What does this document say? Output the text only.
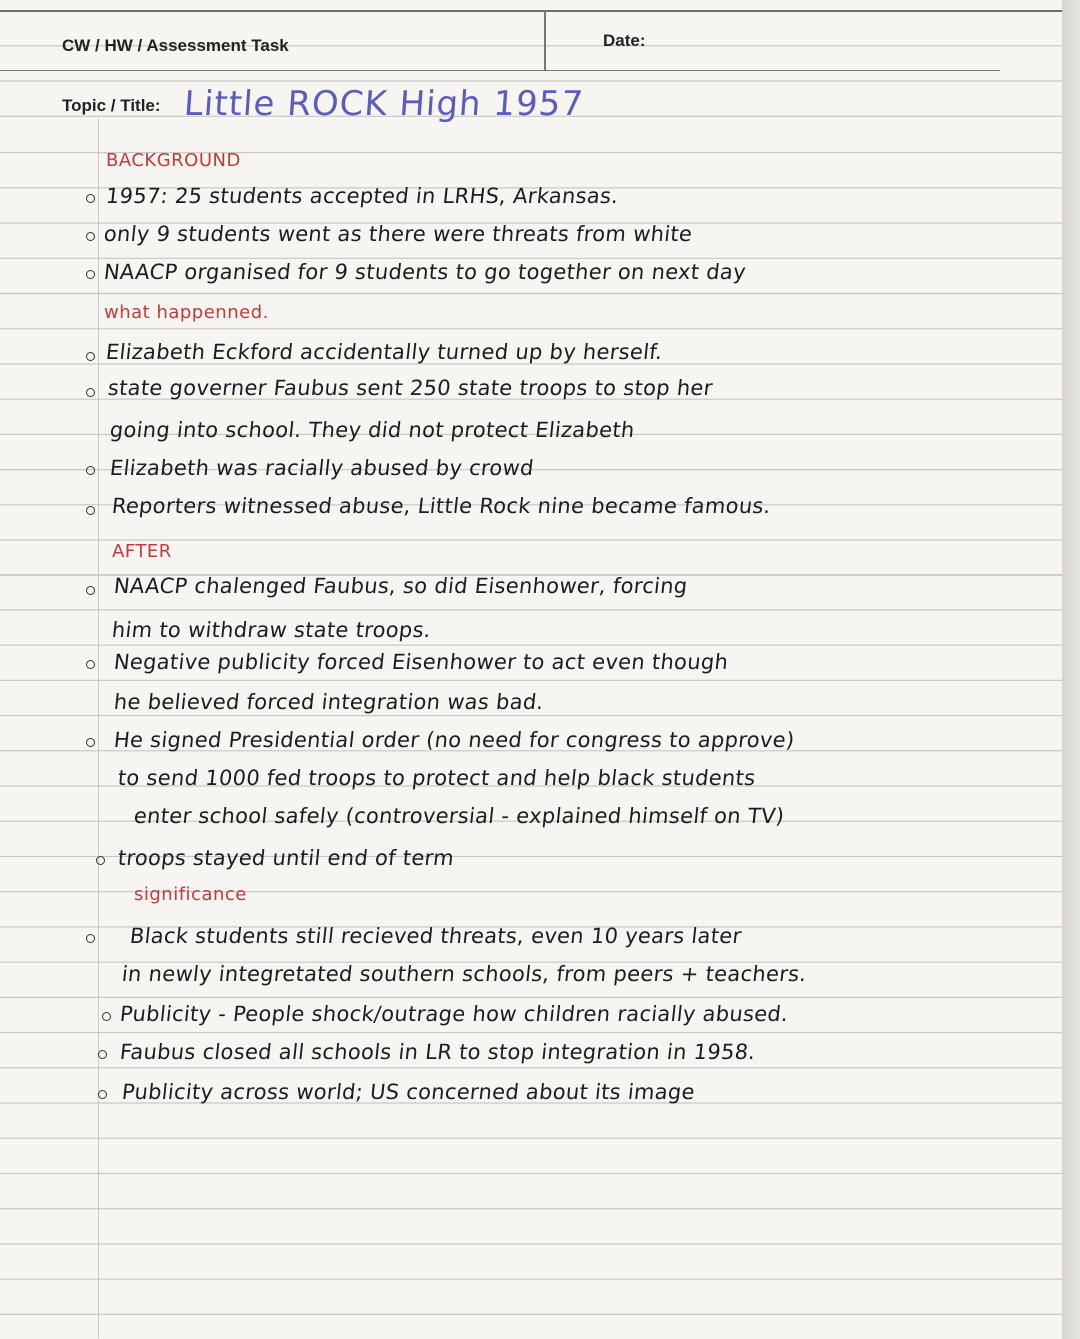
CW / HW / Assessment Task	Date:
Topic / Title: Little ROCK High 1957
BACKGROUND
what happenned.
AFTER
significance
1957: 25 students accepted in LRHS, Arkansas.
only 9 students went as there were threats from white
NAACP organised for 9 students to go together on next day
Elizabeth Eckford accidentally turned up by herself.
state governer Faubus sent 250 state troops to stop her
going into school. They did not protect Elizabeth
Elizabeth was racially abused by crowd
Reporters witnessed abuse, Little Rock nine became famous.
NAACP chalenged Faubus, so did Eisenhower, forcing
him to withdraw state troops.
Negative publicity forced Eisenhower to act even though
he believed forced integration was bad.
He signed Presidential order (no need for congress to approve)
to send 1000 fed troops to protect and help black students
enter school safely (controversial - explained himself on TV)
troops stayed until end of term
Black students still recieved threats, even 10 years later
in newly integretated southern schools, from peers + teachers.
Publicity - People shock/outrage how children racially abused.
Faubus closed all schools in LR to stop integration in 1958.
Publicity across world; US concerned about its image
